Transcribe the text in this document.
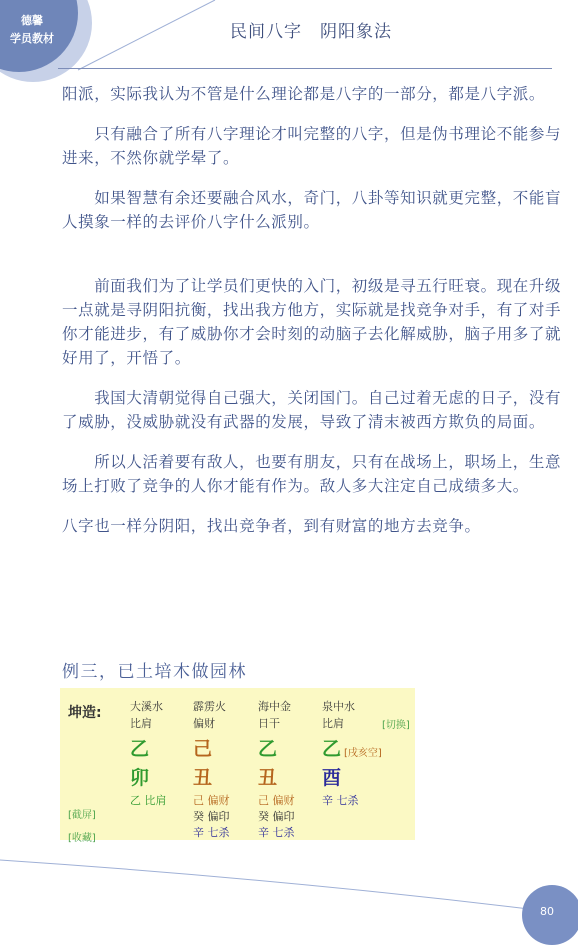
德馨
学员教材	民间八字　阴阳象法

阳派，实际我认为不管是什么理论都是八字的一部分，都是八字派。

　　只有融合了所有八字理论才叫完整的八字，但是伪书理论不能参与进来，不然你就学晕了。

　　如果智慧有余还要融合风水，奇门，八卦等知识就更完整，不能盲人摸象一样的去评价八字什么派别。

　　前面我们为了让学员们更快的入门，初级是寻五行旺衰。现在升级一点就是寻阴阳抗衡，找出我方他方，实际就是找竞争对手，有了对手你才能进步，有了威胁你才会时刻的动脑子去化解威胁，脑子用多了就好用了，开悟了。

　　我国大清朝觉得自己强大，关闭国门。自己过着无虑的日子，没有了威胁，没威胁就没有武器的发展，导致了清末被西方欺负的局面。

　　所以人活着要有敌人，也要有朋友，只有在战场上，职场上，生意场上打败了竞争的人你才能有作为。敌人多大注定自己成绩多大。

八字也一样分阴阳，找出竞争者，到有财富的地方去竞争。

例三，已土培木做园林
坤造:	大溪水
比肩
乙
卯
乙 比肩
霹雳火
偏财
己
丑
己 偏财
癸 偏印
辛 七杀
海中金
日干
乙
丑
己 偏财
癸 偏印
辛 七杀
泉中水
比肩
乙
酉
辛 七杀
[切换]
[戌亥空]
[截屏]
[收藏]
80
